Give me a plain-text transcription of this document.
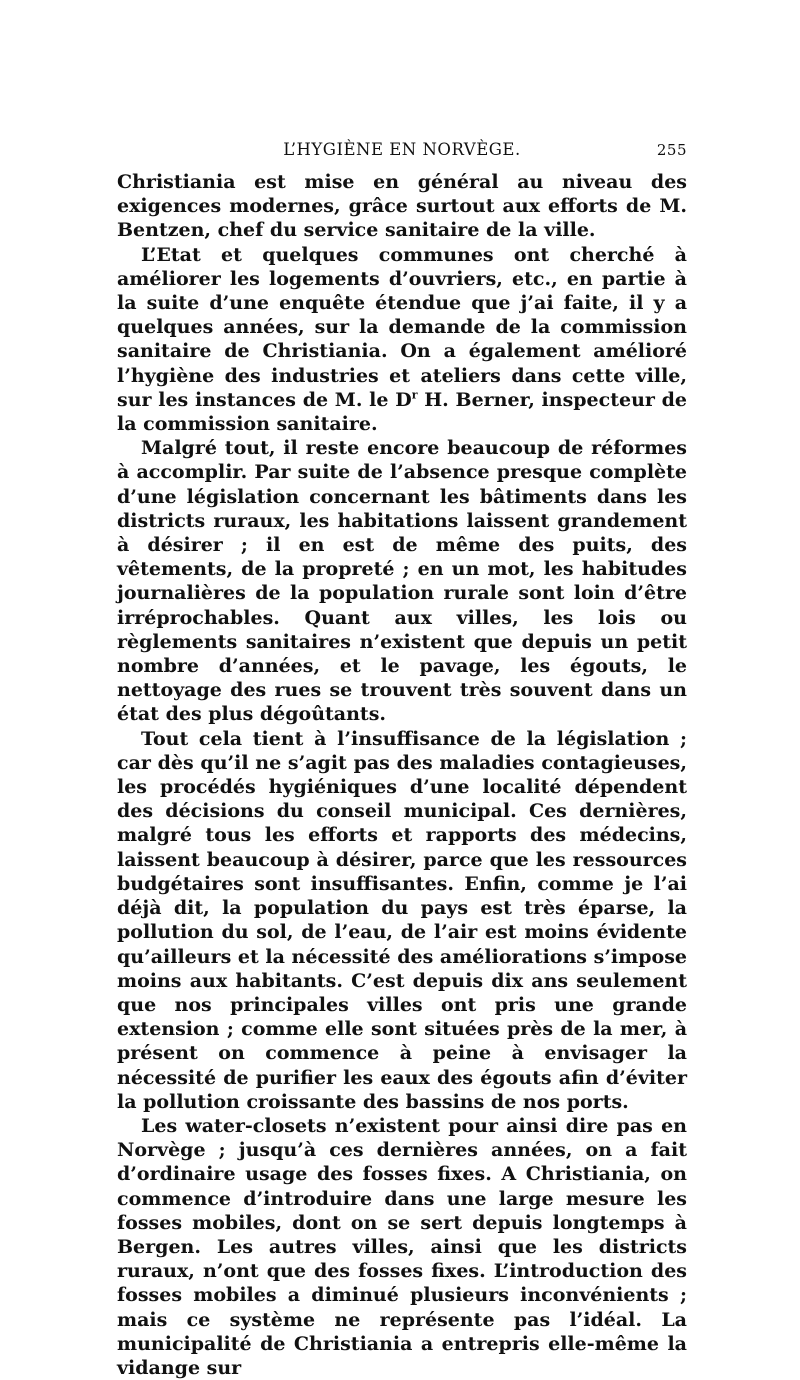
L’HYGIÈNE EN NORVÈGE.	255

Christiania est mise en général au niveau des exigences modernes, grâce surtout aux efforts de M. Bentzen, chef du service sanitaire de la ville.

L’Etat et quelques communes ont cherché à améliorer les logements d’ouvriers, etc., en partie à la suite d’une enquête étendue que j’ai faite, il y a quelques années, sur la demande de la commission sanitaire de Christiania. On a également amélioré l’hygiène des industries et ateliers dans cette ville, sur les instances de M. le $D^r$ H. Berner, inspecteur de la commission sanitaire.

Malgré tout, il reste encore beaucoup de réformes à accomplir. Par suite de l’absence presque complète d’une législation concernant les bâtiments dans les districts ruraux, les habitations laissent grandement à désirer ; il en est de même des puits, des vêtements, de la propreté ; en un mot, les habitudes journalières de la population rurale sont loin d’être irréprochables. Quant aux villes, les lois ou règlements sanitaires n’existent que depuis un petit nombre d’années, et le pavage, les égouts, le nettoyage des rues se trouvent très souvent dans un état des plus dégoûtants.

Tout cela tient à l’insuffisance de la législation ; car dès qu’il ne s’agit pas des maladies contagieuses, les procédés hygiéniques d’une localité dépendent des décisions du conseil municipal. Ces dernières, malgré tous les efforts et rapports des médecins, laissent beaucoup à désirer, parce que les ressources budgétaires sont insuffisantes. Enfin, comme je l’ai déjà dit, la population du pays est très éparse, la pollution du sol, de l’eau, de l’air est moins évidente qu’ailleurs et la nécessité des améliorations s’impose moins aux habitants. C’est depuis dix ans seulement que nos principales villes ont pris une grande extension ; comme elle sont situées près de la mer, à présent on commence à peine à envisager la nécessité de purifier les eaux des égouts afin d’éviter la pollution croissante des bassins de nos ports.

Les water-closets n’existent pour ainsi dire pas en Norvège ; jusqu’à ces dernières années, on a fait d’ordinaire usage des fosses fixes. A Christiania, on commence d’introduire dans une large mesure les fosses mobiles, dont on se sert depuis longtemps à Bergen. Les autres villes, ainsi que les districts ruraux, n’ont que des fosses fixes. L’introduction des fosses mobiles a diminué plusieurs inconvénients ; mais ce système ne représente pas l’idéal. La municipalité de Christiania a entrepris elle-même la vidange sur
